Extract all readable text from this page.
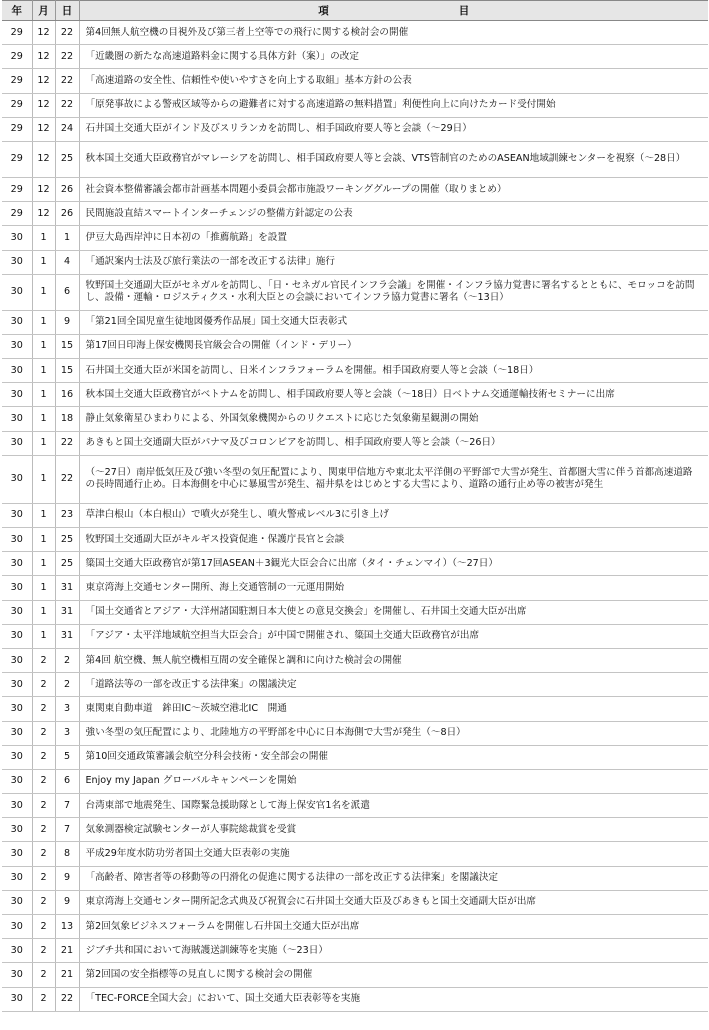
年	月	日	項 目
29	12	22	第4回無人航空機の目視外及び第三者上空等での飛行に関する検討会の開催
29	12	22	「近畿圏の新たな高速道路料金に関する具体方針（案）」の改定
29	12	22	「高速道路の安全性、信頼性や使いやすさを向上する取組」基本方針の公表
29	12	22	「原発事故による警戒区域等からの避難者に対する高速道路の無料措置」利便性向上に向けたカード受付開始
29	12	24	石井国土交通大臣がインド及びスリランカを訪問し、相手国政府要人等と会談（～29日）
29	12	25	秋本国土交通大臣政務官がマレーシアを訪問し、相手国政府要人等と会談、VTS管制官のためのASEAN地域訓練センターを視察（～28日）
29	12	26	社会資本整備審議会都市計画基本問題小委員会都市施設ワーキンググループの開催（取りまとめ）
29	12	26	民間施設直結スマートインターチェンジの整備方針認定の公表
30	1	1	伊豆大島西岸沖に日本初の「推薦航路」を設置
30	1	4	「通訳案内士法及び旅行業法の一部を改正する法律」施行
30	1	6	牧野国土交通副大臣がセネガルを訪問し、「日・セネガル官民インフラ会議」を開催・インフラ協力覚書に署名するとともに、モロッコを訪問し、設備・運輸・ロジスティクス・水利大臣との会談においてインフラ協力覚書に署名（～13日）
30	1	9	「第21回全国児童生徒地図優秀作品展」国土交通大臣表彰式
30	1	15	第17回日印海上保安機関長官級会合の開催（インド・デリー）
30	1	15	石井国土交通大臣が米国を訪問し、日米インフラフォーラムを開催。相手国政府要人等と会談（～18日）
30	1	16	秋本国土交通大臣政務官がベトナムを訪問し、相手国政府要人等と会談（～18日）日ベトナム交通運輸技術セミナーに出席
30	1	18	静止気象衛星ひまわりによる、外国気象機関からのリクエストに応じた気象衛星観測の開始
30	1	22	あきもと国土交通副大臣がパナマ及びコロンビアを訪問し、相手国政府要人等と会談（～26日）
30	1	22	（～27日）南岸低気圧及び強い冬型の気圧配置により、関東甲信地方や東北太平洋側の平野部で大雪が発生、首都圏大雪に伴う首都高速道路の長時間通行止め。日本海側を中心に暴風雪が発生、福井県をはじめとする大雪により、道路の通行止め等の被害が発生
30	1	23	草津白根山（本白根山）で噴火が発生し、噴火警戒レベル3に引き上げ
30	1	25	牧野国土交通副大臣がキルギス投資促進・保護庁長官と会談
30	1	25	簗国土交通大臣政務官が第17回ASEAN＋3観光大臣会合に出席（タイ・チェンマイ）（～27日）
30	1	31	東京湾海上交通センター開所、海上交通管制の一元運用開始
30	1	31	「国土交通省とアジア・大洋州諸国駐割日本大使との意見交換会」を開催し、石井国土交通大臣が出席
30	1	31	「アジア・太平洋地域航空担当大臣会合」が中国で開催され、簗国土交通大臣政務官が出席
30	2	2	第4回 航空機、無人航空機相互間の安全確保と調和に向けた検討会の開催
30	2	2	「道路法等の一部を改正する法律案」の閣議決定
30	2	3	東関東自動車道　鉾田IC～茨城空港北IC　開通
30	2	3	強い冬型の気圧配置により、北陸地方の平野部を中心に日本海側で大雪が発生（～8日）
30	2	5	第10回交通政策審議会航空分科会技術・安全部会の開催
30	2	6	Enjoy my Japan グローバルキャンペーンを開始
30	2	7	台湾東部で地震発生、国際緊急援助隊として海上保安官1名を派遣
30	2	7	気象測器検定試験センターが人事院総裁賞を受賞
30	2	8	平成29年度水防功労者国土交通大臣表彰の実施
30	2	9	「高齢者、障害者等の移動等の円滑化の促進に関する法律の一部を改正する法律案」を閣議決定
30	2	9	東京湾海上交通センター開所記念式典及び祝賀会に石井国土交通大臣及びあきもと国土交通副大臣が出席
30	2	13	第2回気象ビジネスフォーラムを開催し石井国土交通大臣が出席
30	2	21	ジブチ共和国において海賊護送訓練等を実施（～23日）
30	2	21	第2回国の安全指標等の見直しに関する検討会の開催
30	2	22	「TEC-FORCE全国大会」において、国土交通大臣表彰等を実施
